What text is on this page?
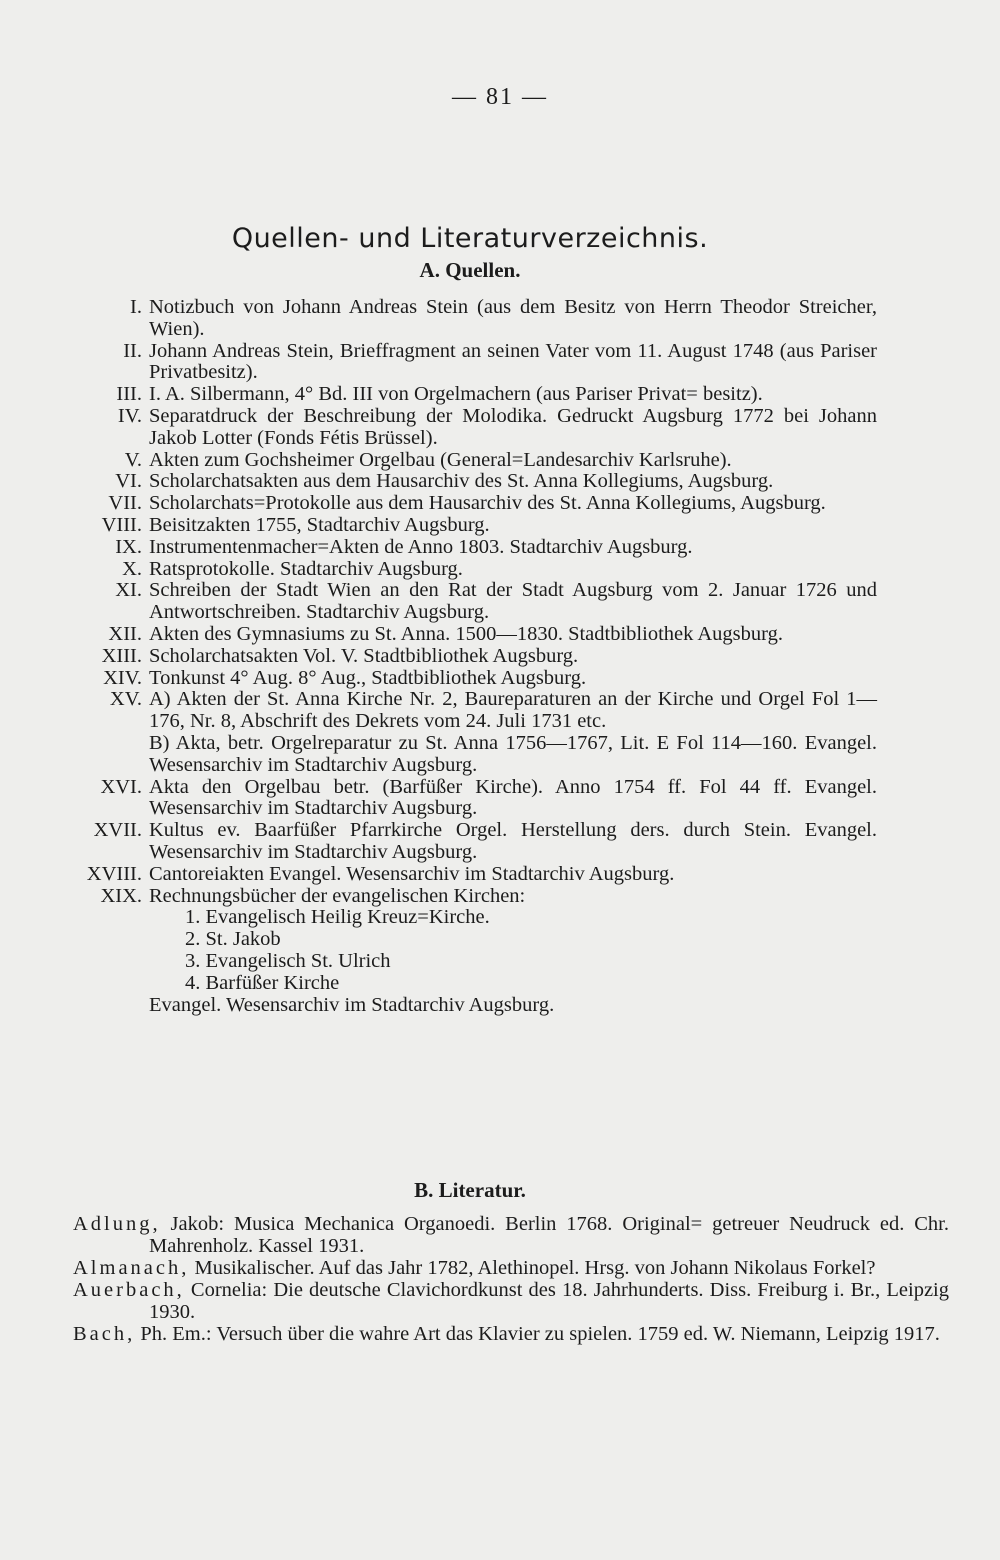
— 81 —
Quellen- und Literaturverzeichnis.
A. Quellen.
I. Notizbuch von Johann Andreas Stein (aus dem Besitz von Herrn Theodor Streicher, Wien).
II. Johann Andreas Stein, Brieffragment an seinen Vater vom 11. August 1748 (aus Pariser Privatbesitz).
III. I. A. Silbermann, 4° Bd. III von Orgelmachern (aus Pariser Privat= besitz).
IV. Separatdruck der Beschreibung der Molodika. Gedruckt Augsburg 1772 bei Johann Jakob Lotter (Fonds Fétis Brüssel).
V. Akten zum Gochsheimer Orgelbau (General=Landesarchiv Karlsruhe).
VI. Scholarchatsakten aus dem Hausarchiv des St. Anna Kollegiums, Augsburg.
VII. Scholarchats=Protokolle aus dem Hausarchiv des St. Anna Kollegiums, Augsburg.
VIII. Beisitzakten 1755, Stadtarchiv Augsburg.
IX. Instrumentenmacher=Akten de Anno 1803. Stadtarchiv Augsburg.
X. Ratsprotokolle. Stadtarchiv Augsburg.
XI. Schreiben der Stadt Wien an den Rat der Stadt Augsburg vom 2. Januar 1726 und Antwortschreiben. Stadtarchiv Augsburg.
XII. Akten des Gymnasiums zu St. Anna. 1500—1830. Stadtbibliothek Augsburg.
XIII. Scholarchatsakten Vol. V. Stadtbibliothek Augsburg.
XIV. Tonkunst 4° Aug. 8° Aug., Stadtbibliothek Augsburg.
XV. A) Akten der St. Anna Kirche Nr. 2, Baureparaturen an der Kirche und Orgel Fol 1—176, Nr. 8, Abschrift des Dekrets vom 24. Juli 1731 etc.
B) Akta, betr. Orgelreparatur zu St. Anna 1756—1767, Lit. E Fol 114—160. Evangel. Wesensarchiv im Stadtarchiv Augsburg.
XVI. Akta den Orgelbau betr. (Barfüßer Kirche). Anno 1754 ff. Fol 44 ff. Evangel. Wesensarchiv im Stadtarchiv Augsburg.
XVII. Kultus ev. Baarfüßer Pfarrkirche Orgel. Herstellung ders. durch Stein. Evangel. Wesensarchiv im Stadtarchiv Augsburg.
XVIII. Cantoreiakten Evangel. Wesensarchiv im Stadtarchiv Augsburg.
XIX. Rechnungsbücher der evangelischen Kirchen:
1. Evangelisch Heilig Kreuz=Kirche.
2. St. Jakob
3. Evangelisch St. Ulrich
4. Barfüßer Kirche
Evangel. Wesensarchiv im Stadtarchiv Augsburg.
B. Literatur.
Adlung, Jakob: Musica Mechanica Organoedi. Berlin 1768. Original= getreuer Neudruck ed. Chr. Mahrenholz. Kassel 1931.
Almanach, Musikalischer. Auf das Jahr 1782, Alethinopel. Hrsg. von Johann Nikolaus Forkel?
Auerbach, Cornelia: Die deutsche Clavichordkunst des 18. Jahrhunderts. Diss. Freiburg i. Br., Leipzig 1930.
Bach, Ph. Em.: Versuch über die wahre Art das Klavier zu spielen. 1759 ed. W. Niemann, Leipzig 1917.
